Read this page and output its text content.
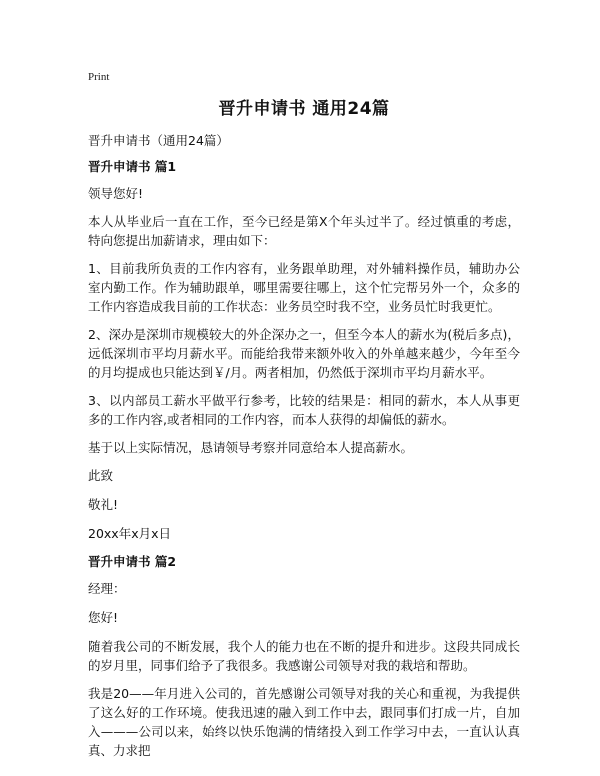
Print
晋升申请书 通用24篇
晋升申请书（通用24篇）
晋升申请书 篇1

领导您好!

本人从毕业后一直在工作，至今已经是第X个年头过半了。经过慎重的考虑，特向您提出加薪请求，理由如下：

1、目前我所负责的工作内容有，业务跟单助理，对外辅料操作员，辅助办公室内勤工作。作为辅助跟单，哪里需要往哪上，这个忙完帮另外一个，众多的工作内容造成我目前的工作状态：业务员空时我不空，业务员忙时我更忙。

2、深办是深圳市规模较大的外企深办之一，但至今本人的薪水为(税后多点)，远低深圳市平均月薪水平。而能给我带来额外收入的外单越来越少，今年至今的月均提成也只能达到￥/月。两者相加，仍然低于深圳市平均月薪水平。

3、以内部员工薪水平做平行参考，比较的结果是：相同的薪水，本人从事更多的工作内容,或者相同的工作内容，而本人获得的却偏低的薪水。

基于以上实际情况，恳请领导考察并同意给本人提高薪水。

此致

敬礼!

20xx年x月x日

晋升申请书 篇2

经理：

您好!

随着我公司的不断发展，我个人的能力也在不断的提升和进步。这段共同成长的岁月里，同事们给予了我很多。我感谢公司领导对我的栽培和帮助。

我是20——年月进入公司的，首先感谢公司领导对我的关心和重视，为我提供了这么好的工作环境。使我迅速的融入到工作中去，跟同事们打成一片，自加入———公司以来，始终以快乐饱满的情绪投入到工作学习中去，一直认认真真、力求把
